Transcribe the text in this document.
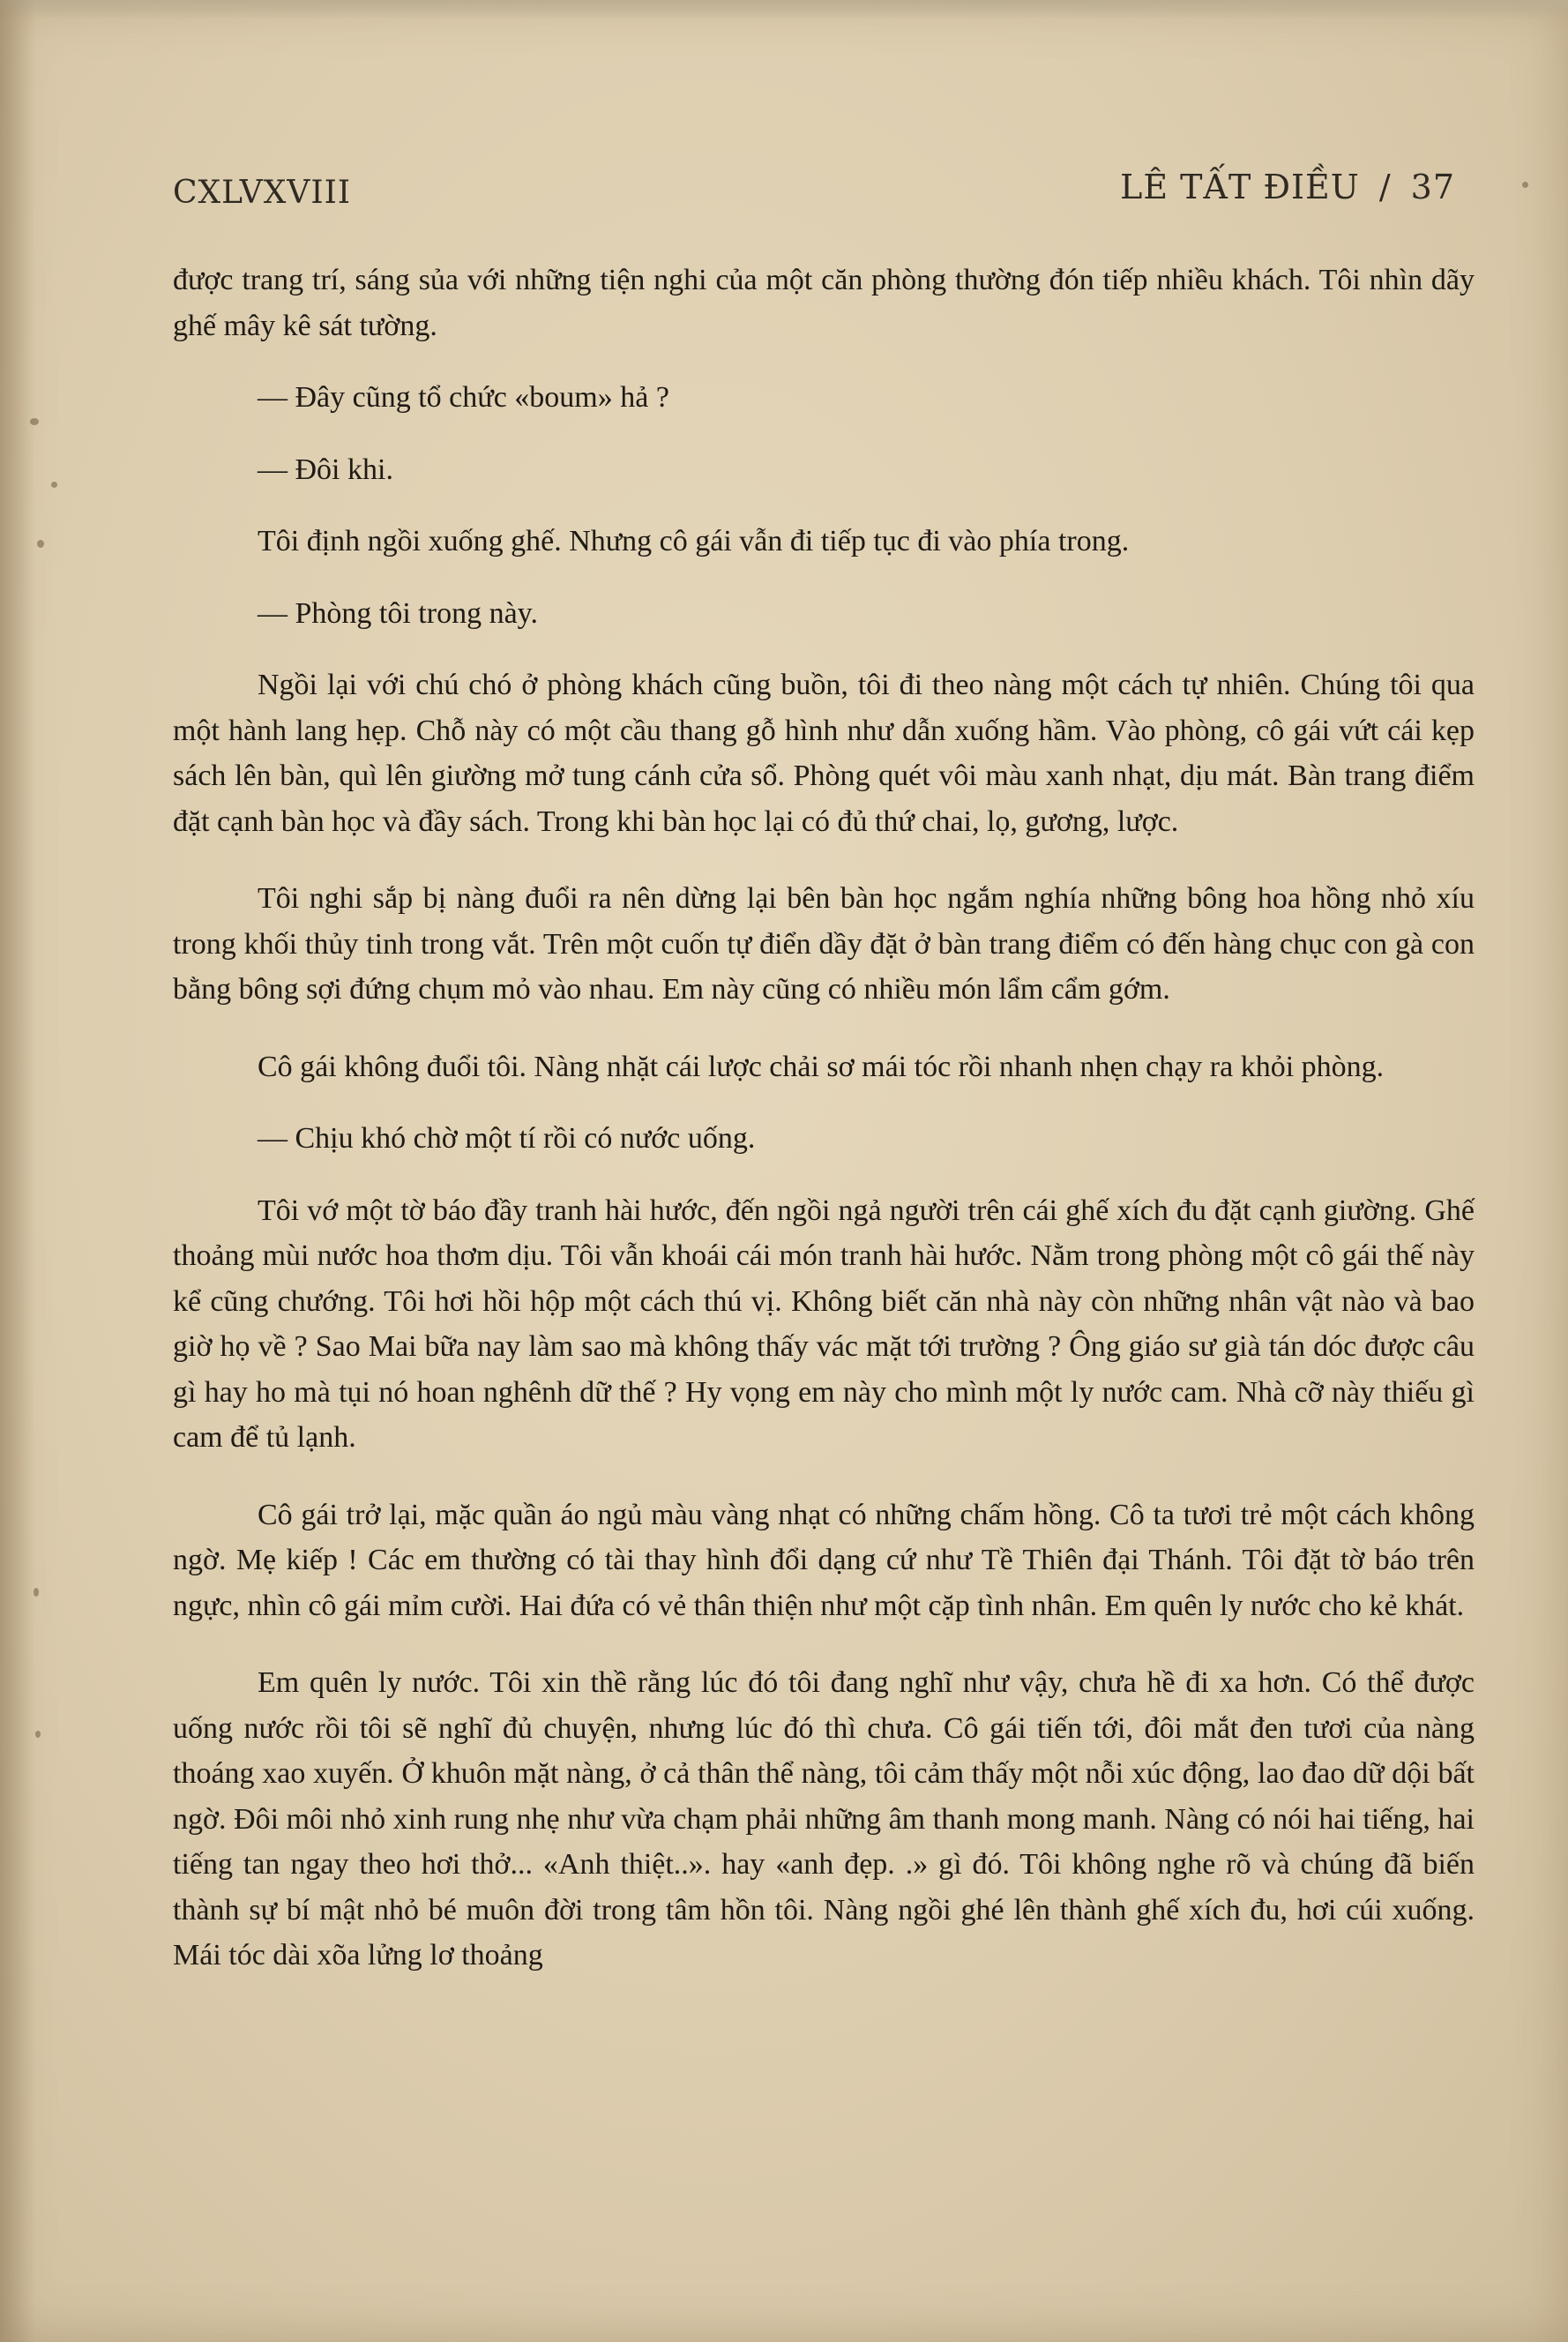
CXLVXVIII	LÊ TẤT ĐIỀU / 37

được trang trí, sáng sủa với những tiện nghi của một căn phòng thường đón tiếp nhiều khách. Tôi nhìn dãy ghế mây kê sát tường.

— Đây cũng tổ chức «boum» hả ?

— Đôi khi.

Tôi định ngồi xuống ghế. Nhưng cô gái vẫn đi tiếp tục đi vào phía trong.

— Phòng tôi trong này.

Ngồi lại với chú chó ở phòng khách cũng buồn, tôi đi theo nàng một cách tự nhiên. Chúng tôi qua một hành lang hẹp. Chỗ này có một cầu thang gỗ hình như dẫn xuống hầm. Vào phòng, cô gái vứt cái kẹp sách lên bàn, quì lên giường mở tung cánh cửa sổ. Phòng quét vôi màu xanh nhạt, dịu mát. Bàn trang điểm đặt cạnh bàn học và đầy sách. Trong khi bàn học lại có đủ thứ chai, lọ, gương, lược.

Tôi nghi sắp bị nàng đuổi ra nên dừng lại bên bàn học ngắm nghía những bông hoa hồng nhỏ xíu trong khối thủy tinh trong vắt. Trên một cuốn tự điển dầy đặt ở bàn trang điểm có đến hàng chục con gà con bằng bông sợi đứng chụm mỏ vào nhau. Em này cũng có nhiều món lẩm cẩm gớm.

Cô gái không đuổi tôi. Nàng nhặt cái lược chải sơ mái tóc rồi nhanh nhẹn chạy ra khỏi phòng.

— Chịu khó chờ một tí rồi có nước uống.

Tôi vớ một tờ báo đầy tranh hài hước, đến ngồi ngả người trên cái ghế xích đu đặt cạnh giường. Ghế thoảng mùi nước hoa thơm dịu. Tôi vẫn khoái cái món tranh hài hước. Nằm trong phòng một cô gái thế này kể cũng chướng. Tôi hơi hồi hộp một cách thú vị. Không biết căn nhà này còn những nhân vật nào và bao giờ họ về ? Sao Mai bữa nay làm sao mà không thấy vác mặt tới trường ? Ông giáo sư già tán dóc được câu gì hay ho mà tụi nó hoan nghênh dữ thế ? Hy vọng em này cho mình một ly nước cam. Nhà cỡ này thiếu gì cam để tủ lạnh.

Cô gái trở lại, mặc quần áo ngủ màu vàng nhạt có những chấm hồng. Cô ta tươi trẻ một cách không ngờ. Mẹ kiếp ! Các em thường có tài thay hình đổi dạng cứ như Tề Thiên đại Thánh. Tôi đặt tờ báo trên ngực, nhìn cô gái mỉm cười. Hai đứa có vẻ thân thiện như một cặp tình nhân. Em quên ly nước cho kẻ khát.

Em quên ly nước. Tôi xin thề rằng lúc đó tôi đang nghĩ như vậy, chưa hề đi xa hơn. Có thể được uống nước rồi tôi sẽ nghĩ đủ chuyện, nhưng lúc đó thì chưa. Cô gái tiến tới, đôi mắt đen tươi của nàng thoáng xao xuyến. Ở khuôn mặt nàng, ở cả thân thể nàng, tôi cảm thấy một nỗi xúc động, lao đao dữ dội bất ngờ. Đôi môi nhỏ xinh rung nhẹ như vừa chạm phải những âm thanh mong manh. Nàng có nói hai tiếng, hai tiếng tan ngay theo hơi thở... «Anh thiệt..». hay «anh đẹp. .» gì đó. Tôi không nghe rõ và chúng đã biến thành sự bí mật nhỏ bé muôn đời trong tâm hồn tôi. Nàng ngồi ghé lên thành ghế xích đu, hơi cúi xuống. Mái tóc dài xõa lửng lơ thoảng
